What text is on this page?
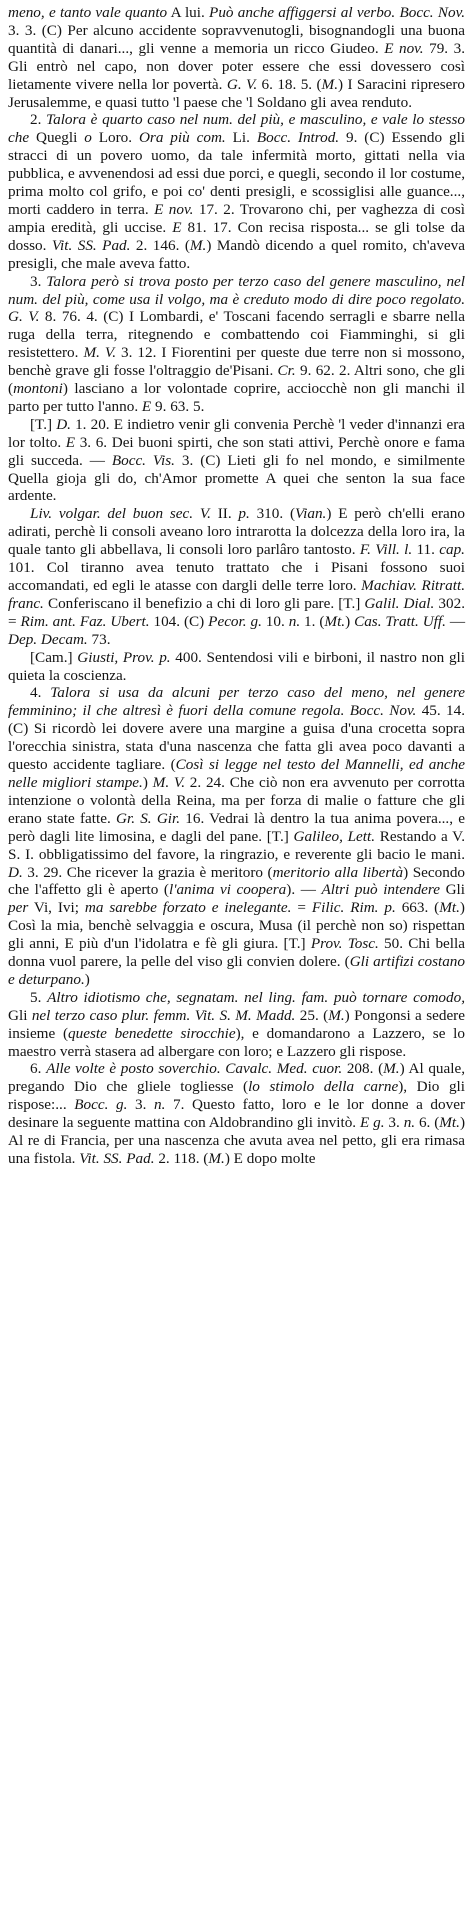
meno, e tanto vale quanto A lui. Può anche affiggersi al verbo. Bocc. Nov. 3. 3. (C) Per alcuno accidente sopravvenutogli, bisognandogli una buona quantità di danari..., gli venne a memoria un ricco Giudeo. E nov. 79. 3. Gli entrò nel capo, non dover poter essere che essi dovessero così lietamente vivere nella lor povertà. G. V. 6. 18. 5. (M.) I Saracini ripresero Jerusalemme, e quasi tutto 'l paese che 'l Soldano gli avea renduto.

2. Talora è quarto caso nel num. del più, e masculino, e vale lo stesso che Quegli o Loro. Ora più com. Li. Bocc. Introd. 9. (C) Essendo gli stracci di un povero uomo, da tale infermità morto, gittati nella via pubblica, e avvenendosi ad essi due porci, e quegli, secondo il lor costume, prima molto col grifo, e poi co' denti presigli, e scossiglisi alle guance..., morti caddero in terra. E nov. 17. 2. Trovarono chi, per vaghezza di così ampia eredità, gli uccise. E 81. 17. Con recisa risposta... se gli tolse da dosso. Vit. SS. Pad. 2. 146. (M.) Mandò dicendo a quel romito, ch'aveva presigli, che male aveva fatto.

3. Talora però si trova posto per terzo caso del genere masculino, nel num. del più, come usa il volgo, ma è creduto modo di dire poco regolato. G. V. 8. 76. 4. (C) I Lombardi, e' Toscani facendo serragli e sbarre nella ruga della terra, ritegnendo e combattendo coi Fiamminghi, si gli resistettero. M. V. 3. 12. I Fiorentini per queste due terre non si mossono, benchè grave gli fosse l'oltraggio de'Pisani. Cr. 9. 62. 2. Altri sono, che gli (montoni) lasciano a lor volontade coprire, acciocchè non gli manchi il parto per tutto l'anno. E 9. 63. 5.

[T.] D. 1. 20. E indietro venir gli convenia Perchè 'l veder d'innanzi era lor tolto. E 3. 6. Dei buoni spirti, che son stati attivi, Perchè onore e fama gli succeda. — Bocc. Vis. 3. (C) Lieti gli fo nel mondo, e similmente Quella gioja gli do, ch'Amor promette A quei che senton la sua face ardente.

Liv. volgar. del buon sec. V. II. p. 310. (Vian.) E però ch'elli erano adirati, perchè li consoli aveano loro intrarotta la dolcezza della loro ira, la quale tanto gli abbellava, li consoli loro parlâro tantosto. F. Vill. l. 11. cap. 101. Col tiranno avea tenuto trattato che i Pisani fossono suoi accomandati, ed egli le atasse con dargli delle terre loro. Machiav. Ritratt. franc. Conferiscano il benefizio a chi di loro gli pare. [T.] Galil. Dial. 302. = Rim. ant. Faz. Ubert. 104. (C) Pecor. g. 10. n. 1. (Mt.) Cas. Tratt. Uff. — Dep. Decam. 73.

[Cam.] Giusti, Prov. p. 400. Sentendosi vili e birboni, il nastro non gli quieta la coscienza.

4. Talora si usa da alcuni per terzo caso del meno, nel genere femminino; il che altresì è fuori della comune regola. Bocc. Nov. 45. 14. (C) Si ricordò lei dovere avere una margine a guisa d'una crocetta sopra l'orecchia sinistra, stata d'una nascenza che fatta gli avea poco davanti a questo accidente tagliare. (Così si legge nel testo del Mannelli, ed anche nelle migliori stampe.) M. V. 2. 24. Che ciò non era avvenuto per corrotta intenzione o volontà della Reina, ma per forza di malie o fatture che gli erano state fatte. Gr. S. Gir. 16. Vedrai là dentro la tua anima povera..., e però dagli lite limosina, e dagli del pane. [T.] Galileo, Lett. Restando a V. S. I. obbligatissimo del favore, la ringrazio, e reverente gli bacio le mani. D. 3. 29. Che ricever la grazia è meritoro (meritorio alla libertà) Secondo che l'affetto gli è aperto (l'anima vi coopera). — Altri può intendere Gli per Vi, Ivi; ma sarebbe forzato e inelegante. = Filic. Rim. p. 663. (Mt.) Così la mia, benchè selvaggia e oscura, Musa (il perchè non so) rispettan gli anni, E più d'un l'idolatra e fè gli giura. [T.] Prov. Tosc. 50. Chi bella donna vuol parere, la pelle del viso gli convien dolere. (Gli artifizi costano e deturpano.)

5. Altro idiotismo che, segnatam. nel ling. fam. può tornare comodo, Gli nel terzo caso plur. femm. Vit. S. M. Madd. 25. (M.) Pongonsi a sedere insieme (queste benedette sirocchie), e domandarono a Lazzero, se lo maestro verrà stasera ad albergare con loro; e Lazzero gli rispose.

6. Alle volte è posto soverchio. Cavalc. Med. cuor. 208. (M.) Al quale, pregando Dio che gliele togliesse (lo stimolo della carne), Dio gli rispose:... Bocc. g. 3. n. 7. Questo fatto, loro e le lor donne a dover desinare la seguente mattina con Aldobrandino gli invitò. E g. 3. n. 6. (Mt.) Al re di Francia, per una nascenza che avuta avea nel petto, gli era rimasa una fistola. Vit. SS. Pad. 2. 118. (M.) E dopo molte
